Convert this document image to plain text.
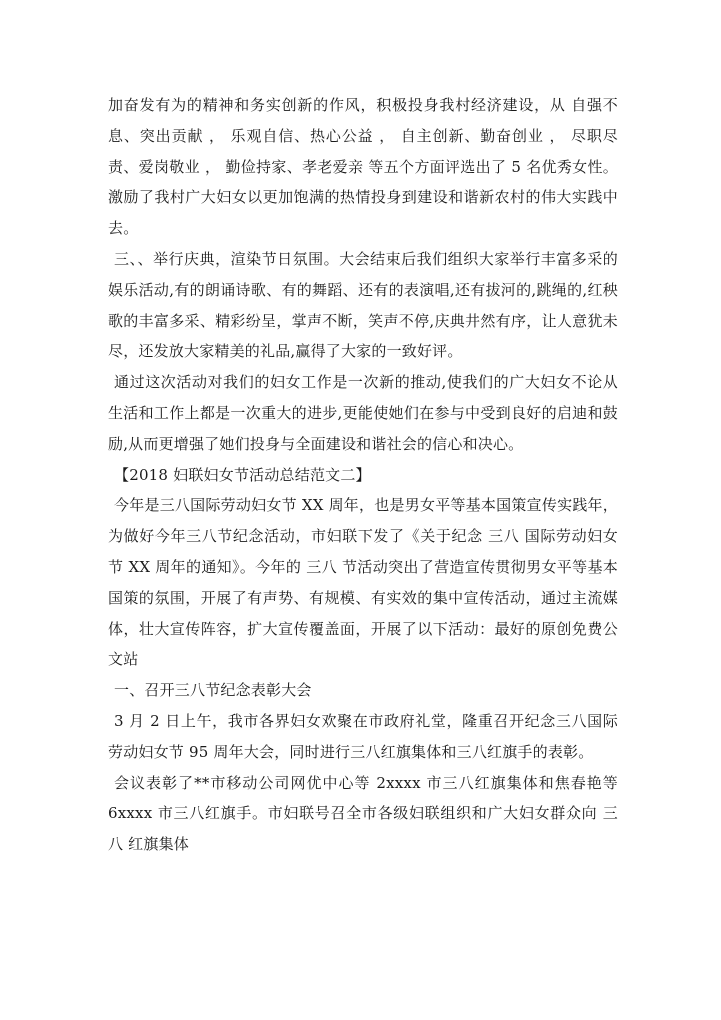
加奋发有为的精神和务实创新的作风，积极投身我村经济建设，从 自强不息、突出贡献 ， 乐观自信、热心公益 ， 自主创新、勤奋创业 ， 尽职尽责、爱岗敬业 ， 勤俭持家、孝老爱亲 等五个方面评选出了 5 名优秀女性。激励了我村广大妇女以更加饱满的热情投身到建设和谐新农村的伟大实践中去。

三、、举行庆典，渲染节日氛围。大会结束后我们组织大家举行丰富多采的娱乐活动,有的朗诵诗歌、有的舞蹈、还有的表演唱,还有拔河的,跳绳的,红秧歌的丰富多采、精彩纷呈，掌声不断，笑声不停,庆典井然有序，让人意犹未尽，还发放大家精美的礼品,赢得了大家的一致好评。

通过这次活动对我们的妇女工作是一次新的推动,使我们的广大妇女不论从生活和工作上都是一次重大的进步,更能使她们在参与中受到良好的启迪和鼓励,从而更增强了她们投身与全面建设和谐社会的信心和决心。

【2018 妇联妇女节活动总结范文二】

今年是三八国际劳动妇女节 XX 周年，也是男女平等基本国策宣传实践年，为做好今年三八节纪念活动，市妇联下发了《关于纪念 三八 国际劳动妇女节 XX 周年的通知》。今年的 三八 节活动突出了营造宣传贯彻男女平等基本国策的氛围，开展了有声势、有规模、有实效的集中宣传活动，通过主流媒体，壮大宣传阵容，扩大宣传覆盖面，开展了以下活动：最好的原创免费公文站

一、召开三八节纪念表彰大会

3 月 2 日上午，我市各界妇女欢聚在市政府礼堂，隆重召开纪念三八国际劳动妇女节 95 周年大会，同时进行三八红旗集体和三八红旗手的表彰。

会议表彰了**市移动公司网优中心等 2xxxx 市三八红旗集体和焦春艳等 6xxxx 市三八红旗手。市妇联号召全市各级妇联组织和广大妇女群众向 三八 红旗集体
